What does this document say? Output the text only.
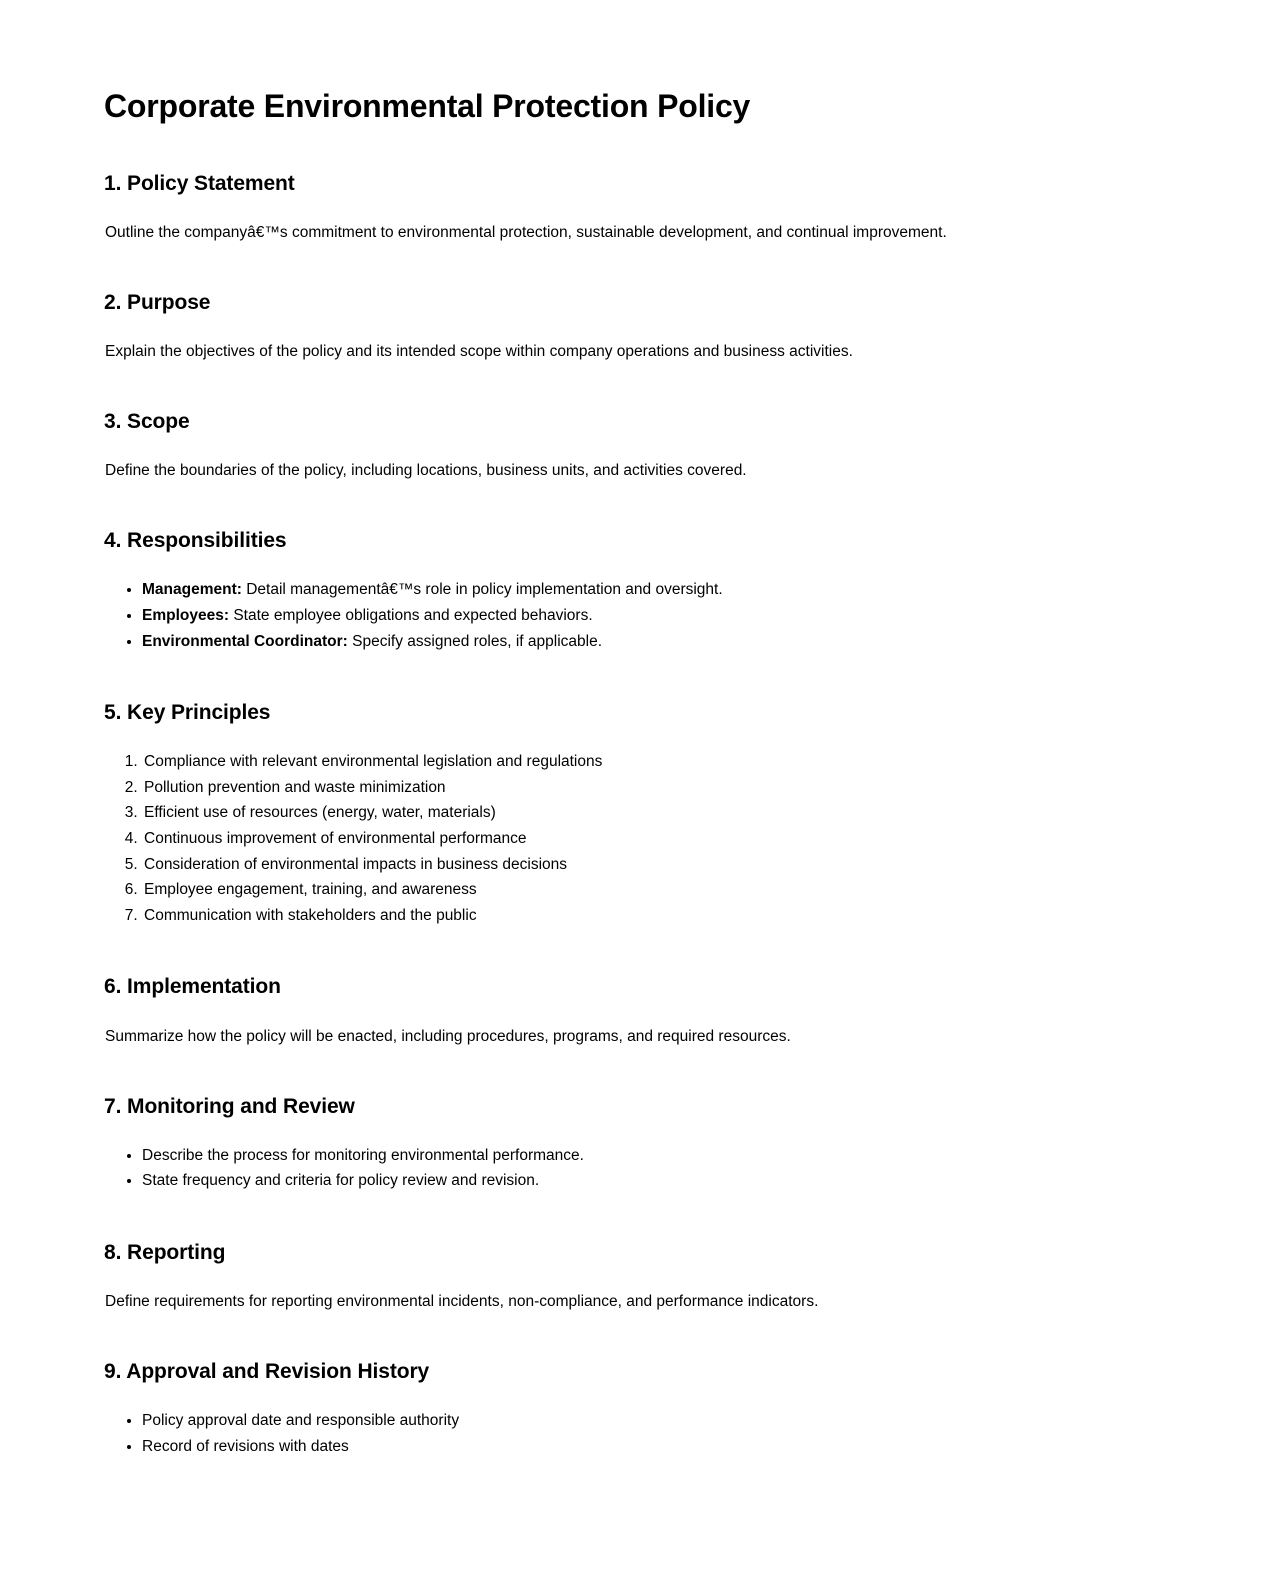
Corporate Environmental Protection Policy
1. Policy Statement

Outline the companyâ€™s commitment to environmental protection, sustainable development, and continual improvement.

2. Purpose

Explain the objectives of the policy and its intended scope within company operations and business activities.

3. Scope

Define the boundaries of the policy, including locations, business units, and activities covered.

4. Responsibilities
• Management: Detail managementâ€™s role in policy implementation and oversight.
• Employees: State employee obligations and expected behaviors.
• Environmental Coordinator: Specify assigned roles, if applicable.
5. Key Principles
1. Compliance with relevant environmental legislation and regulations
2. Pollution prevention and waste minimization
3. Efficient use of resources (energy, water, materials)
4. Continuous improvement of environmental performance
5. Consideration of environmental impacts in business decisions
6. Employee engagement, training, and awareness
7. Communication with stakeholders and the public
6. Implementation

Summarize how the policy will be enacted, including procedures, programs, and required resources.

7. Monitoring and Review
• Describe the process for monitoring environmental performance.
• State frequency and criteria for policy review and revision.
8. Reporting

Define requirements for reporting environmental incidents, non-compliance, and performance indicators.

9. Approval and Revision History
• Policy approval date and responsible authority
• Record of revisions with dates
